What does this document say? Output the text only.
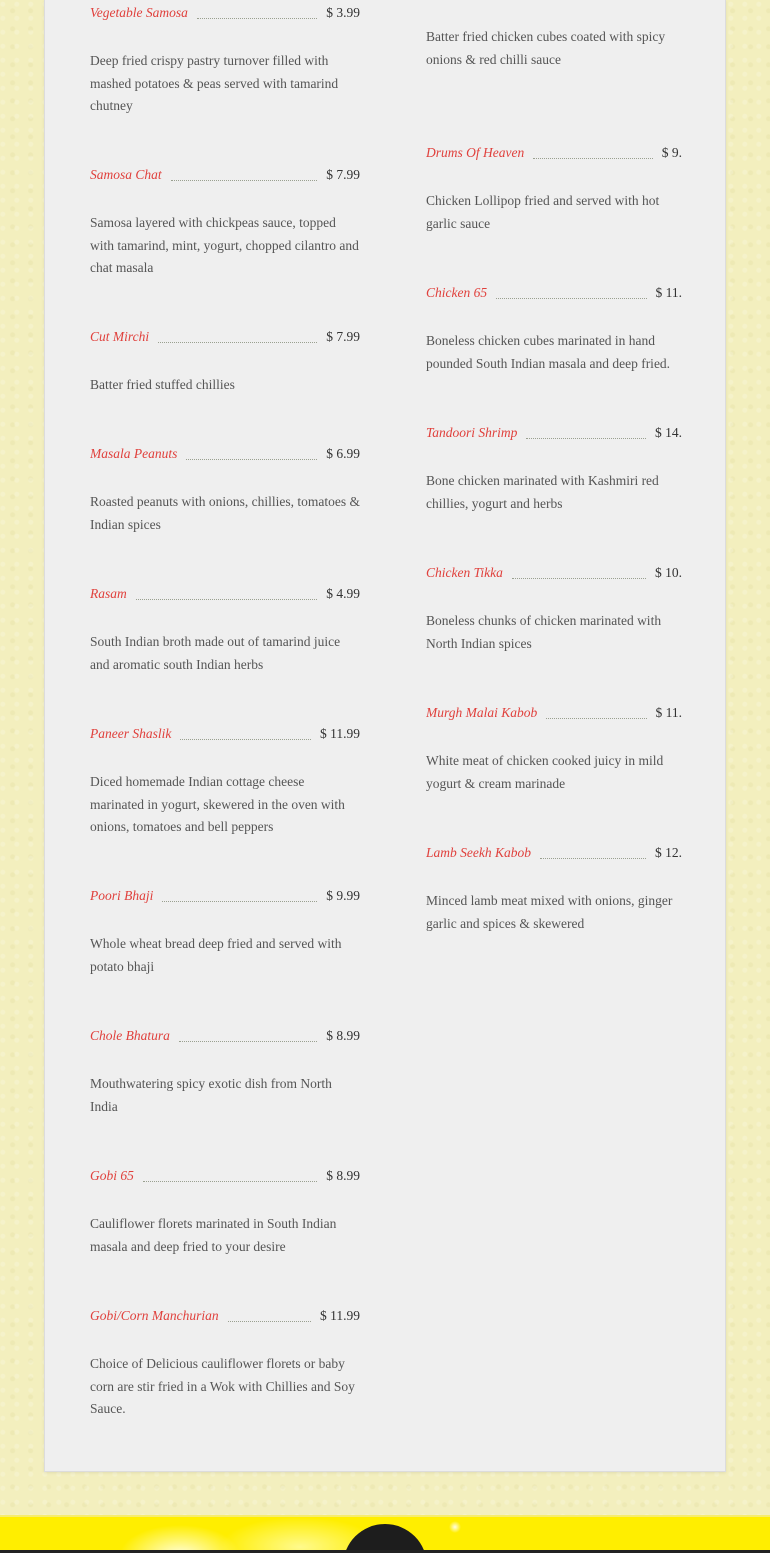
Vegetable Samosa	$ 3.99
Deep fried crispy pastry turnover filled with mashed potatoes & peas served with tamarind chutney
Samosa Chat	$ 7.99
Samosa layered with chickpeas sauce, topped with tamarind, mint, yogurt, chopped cilantro and chat masala
Cut Mirchi	$ 7.99
Batter fried stuffed chillies
Masala Peanuts	$ 6.99
Roasted peanuts with onions, chillies, tomatoes & Indian spices
Rasam	$ 4.99
South Indian broth made out of tamarind juice and aromatic south Indian herbs
Paneer Shaslik	$ 11.99
Diced homemade Indian cottage cheese marinated in yogurt, skewered in the oven with onions, tomatoes and bell peppers
Poori Bhaji	$ 9.99
Whole wheat bread deep fried and served with potato bhaji
Chole Bhatura	$ 8.99
Mouthwatering spicy exotic dish from North India
Gobi 65	$ 8.99
Cauliflower florets marinated in South Indian masala and deep fried to your desire
Gobi/Corn Manchurian	$ 11.99
Choice of Delicious cauliflower florets or baby corn are stir fried in a Wok with Chillies and Soy Sauce.
Batter fried chicken cubes coated with spicy onions & red chilli sauce
Drums Of Heaven	$ 9.
Chicken Lollipop fried and served with hot garlic sauce
Chicken 65	$ 11.
Boneless chicken cubes marinated in hand pounded South Indian masala and deep fried.
Tandoori Shrimp	$ 14.
Bone chicken marinated with Kashmiri red chillies, yogurt and herbs
Chicken Tikka	$ 10.
Boneless chunks of chicken marinated with North Indian spices
Murgh Malai Kabob	$ 11.
White meat of chicken cooked juicy in mild yogurt & cream marinade
Lamb Seekh Kabob	$ 12.
Minced lamb meat mixed with onions, ginger garlic and spices & skewered
